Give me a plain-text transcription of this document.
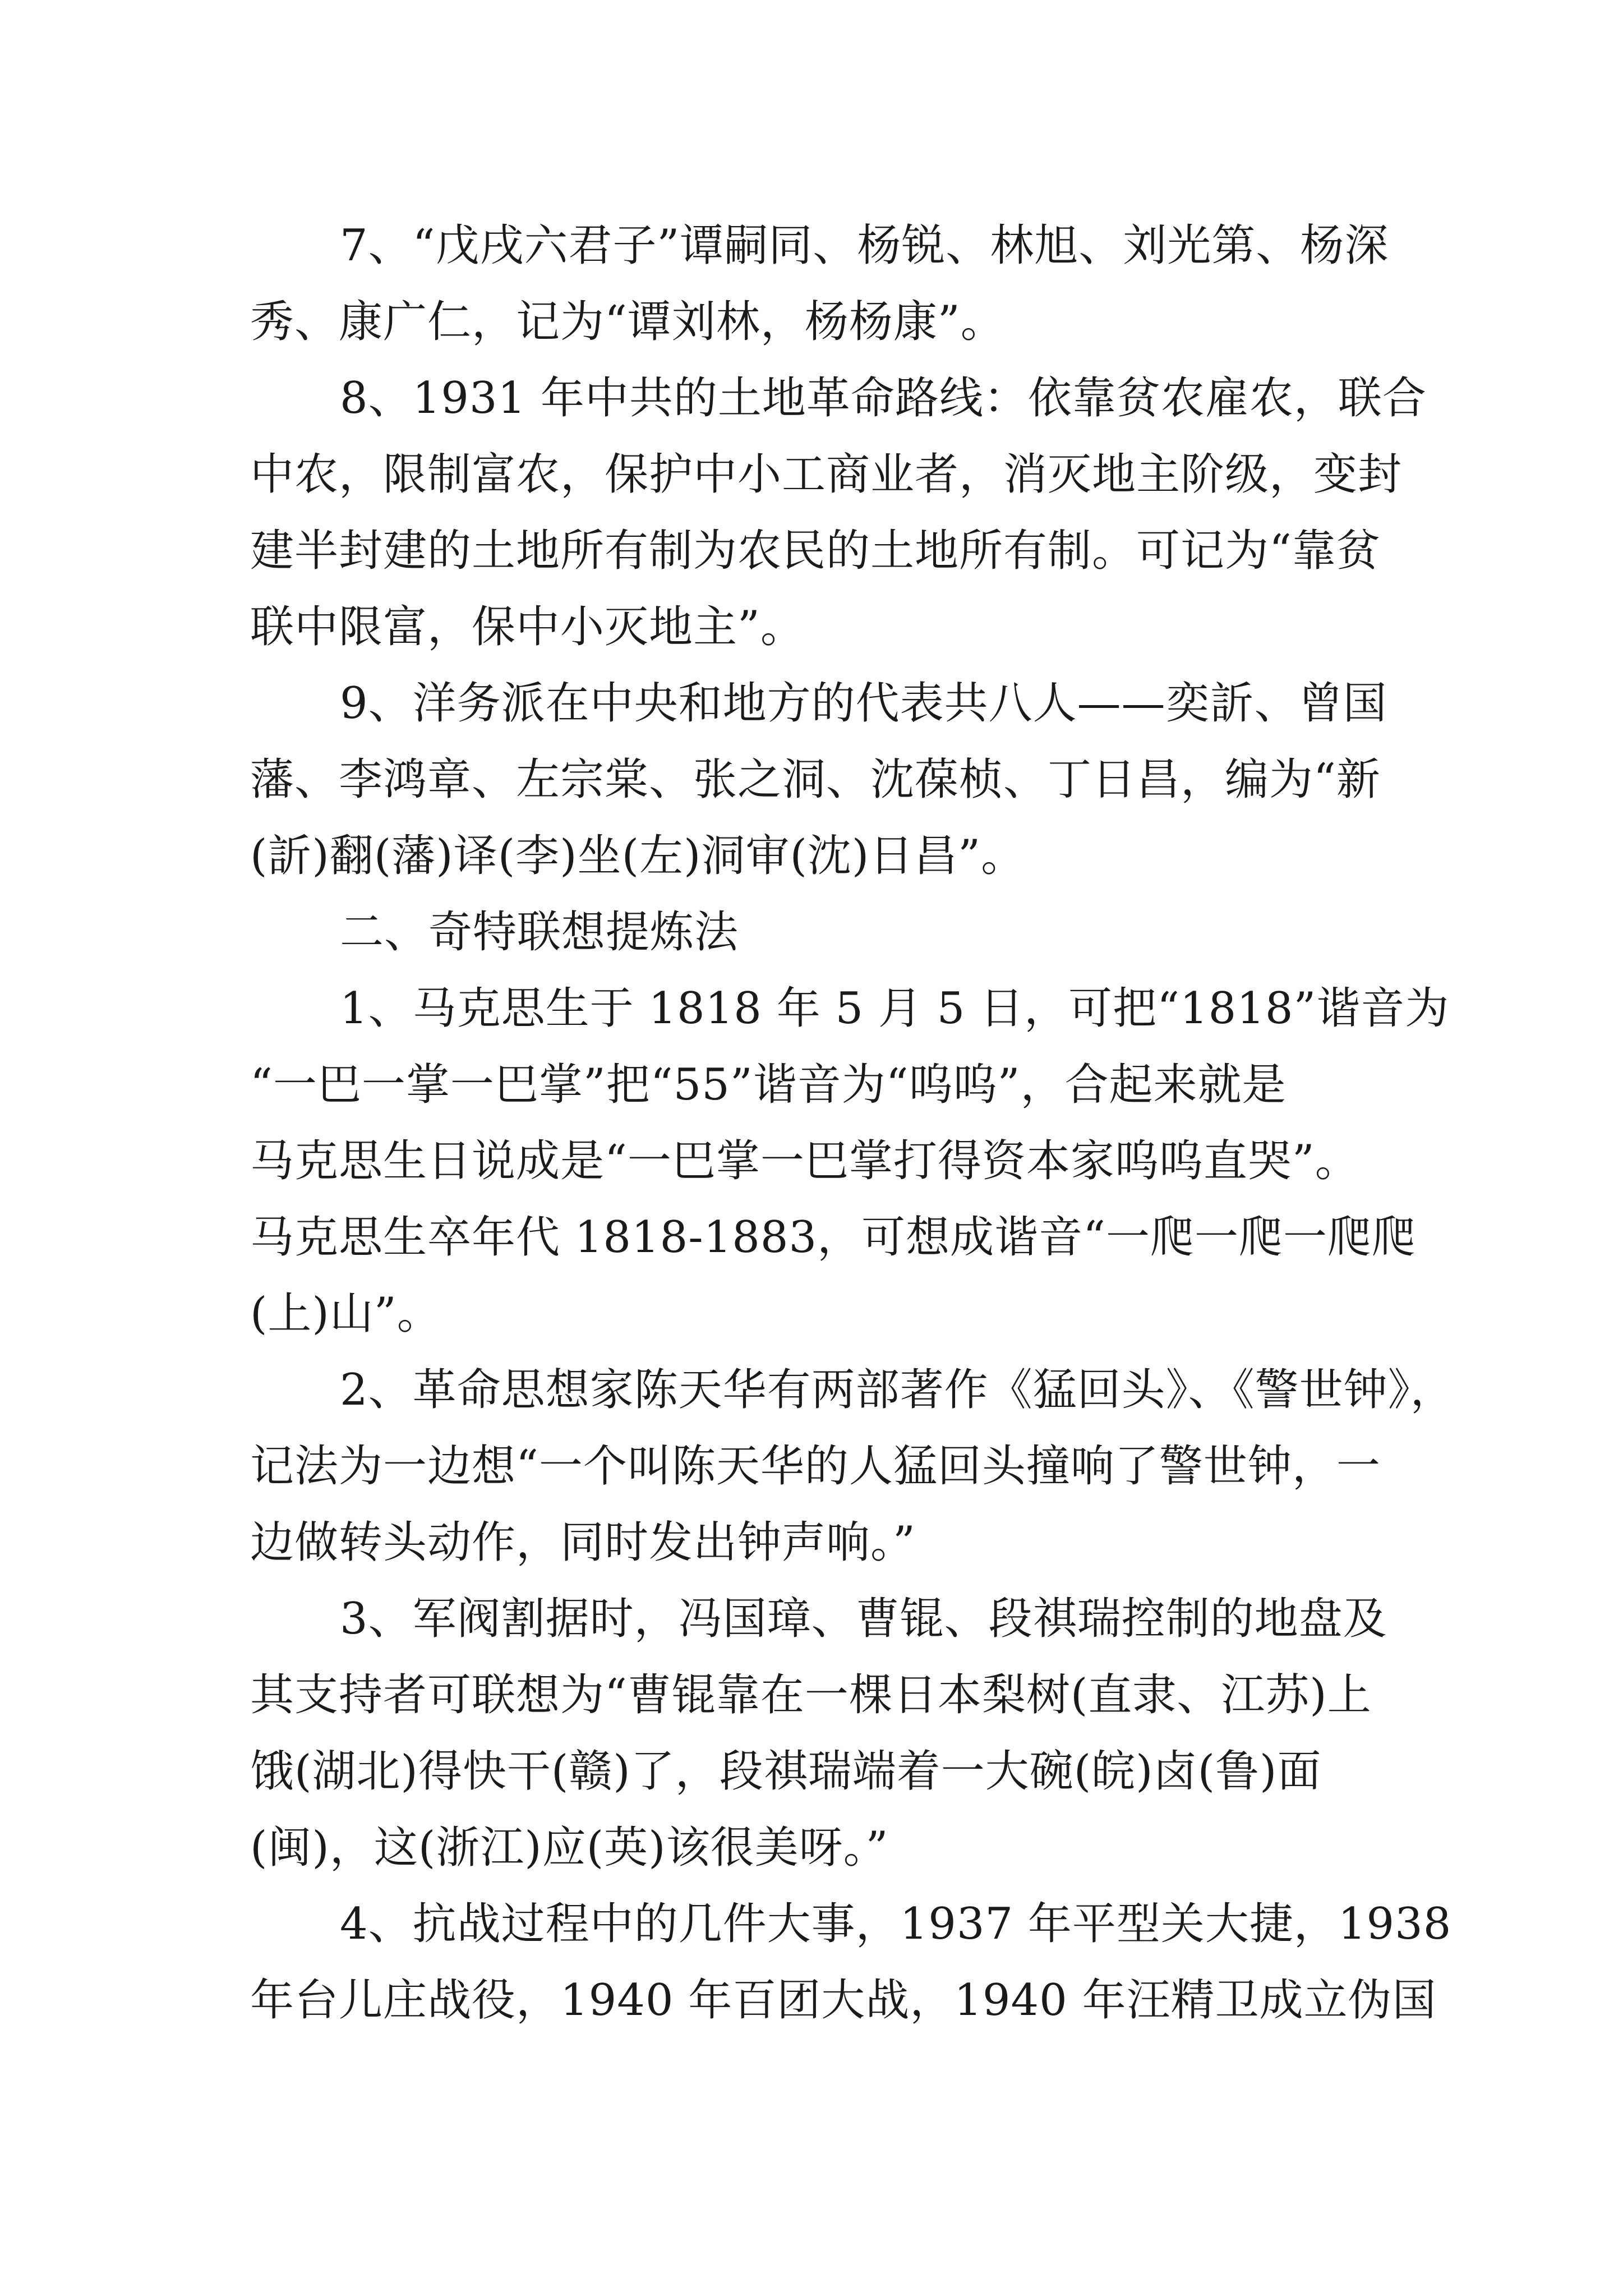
7、“戊戌六君子”谭嗣同、杨锐、林旭、刘光第、杨深
秀、康广仁，记为“谭刘林，杨杨康”。
8、1931 年中共的土地革命路线：依靠贫农雇农，联合
中农，限制富农，保护中小工商业者，消灭地主阶级，变封
建半封建的土地所有制为农民的土地所有制。可记为“靠贫
联中限富，保中小灭地主”。
9、洋务派在中央和地方的代表共八人——奕訢、曾国
藩、李鸿章、左宗棠、张之洞、沈葆桢、丁日昌，编为“新
(訢)翻(藩)译(李)坐(左)洞审(沈)日昌”。
二、奇特联想提炼法
1、马克思生于 1818 年 5 月 5 日，可把“1818”谐音为
“一巴一掌一巴掌”把“55”谐音为“呜呜”，合起来就是
马克思生日说成是“一巴掌一巴掌打得资本家呜呜直哭”。
马克思生卒年代 1818-1883，可想成谐音“一爬一爬一爬爬
(上)山”。
2、革命思想家陈天华有两部著作《猛回头》、《警世钟》，
记法为一边想“一个叫陈天华的人猛回头撞响了警世钟，一
边做转头动作，同时发出钟声响。”
3、军阀割据时，冯国璋、曹锟、段祺瑞控制的地盘及
其支持者可联想为“曹锟靠在一棵日本梨树(直隶、江苏)上
饿(湖北)得快干(赣)了，段祺瑞端着一大碗(皖)卤(鲁)面
(闽)，这(浙江)应(英)该很美呀。”
4、抗战过程中的几件大事，1937 年平型关大捷，1938
年台儿庄战役，1940 年百团大战，1940 年汪精卫成立伪国
